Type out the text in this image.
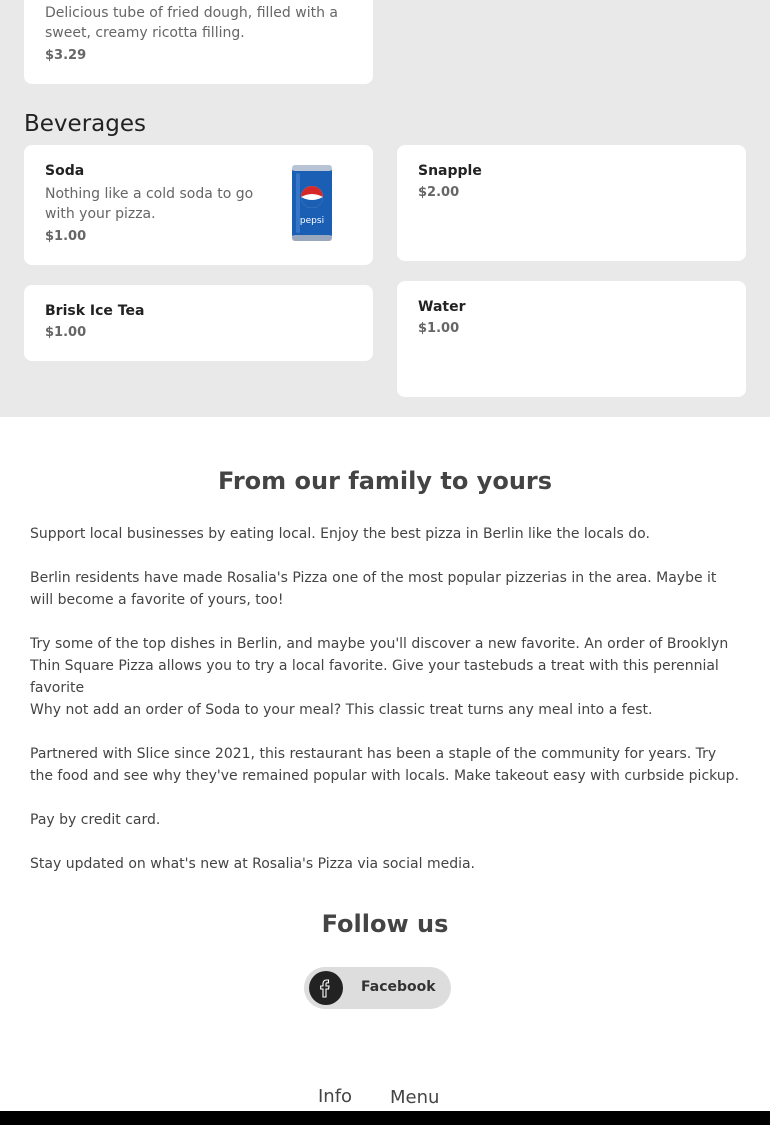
Delicious tube of fried dough, filled with a sweet, creamy ricotta filling.
$3.29
Beverages
Soda
Nothing like a cold soda to go with your pizza.
$1.00
pepsi
Snapple
$2.00
Brisk Ice Tea
$1.00
Water
$1.00
From our family to yours
Support local businesses by eating local. Enjoy the best pizza in Berlin like the locals do.
Berlin residents have made Rosalia's Pizza one of the most popular pizzerias in the area. Maybe it will become a favorite of yours, too!
Try some of the top dishes in Berlin, and maybe you'll discover a new favorite. An order of Brooklyn Thin Square Pizza allows you to try a local favorite. Give your tastebuds a treat with this perennial favorite
Why not add an order of Soda to your meal? This classic treat turns any meal into a fest.
Partnered with Slice since 2021, this restaurant has been a staple of the community for years. Try the food and see why they've remained popular with locals. Make takeout easy with curbside pickup.
Pay by credit card.
Stay updated on what's new at Rosalia's Pizza via social media.
Follow us
Facebook
Info Menu
